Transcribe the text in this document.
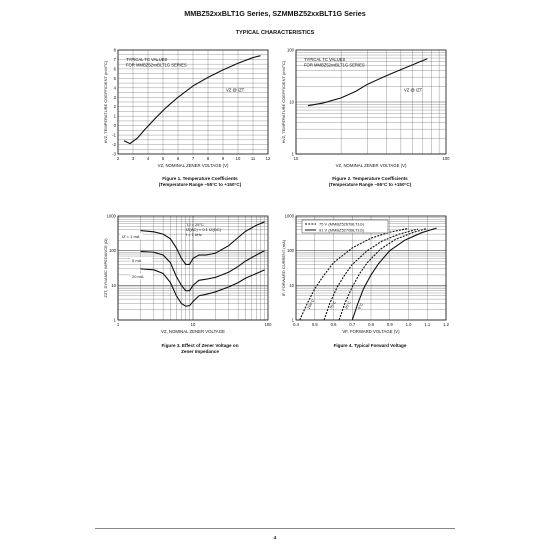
MMBZ52xxBLT1G Series, SZMMBZ52xxBLT1G Series
TYPICAL CHARACTERISTICS
2	3	4	5	6	7	8	9	10 11 12
-3
-2
-1
0
1
2
3
4
5
6
7
8
VZ, NOMINAL ZENER VOLTAGE (V)
θVZ, TEMPERATURE COEFFICIENT (mV/°C)
TYPICAL TC VALUES
FOR MMBZ52xxBLT1G SERIES
VZ @ IZT
10	100
1
10
100
VZ, NOMINAL ZENER VOLTAGE (V)
θVZ, TEMPERATURE COEFFICIENT (mV/°C)
TYPICAL TC VALUES
FOR MMBZ52xxBLT1G SERIES
VZ @ IZT
1	10	100
1
10
100
1000
VZ, NOMINAL ZENER VOLTAGE
ZZT, DYNAMIC IMPEDANCE (Ω)
TJ = 25°C
IZ(AC) = 0.1 IZ(DC)
f = 1 kHz
IZ = 1 mA
5 mA
20 mA
0.4	0.5	0.6	0.7	0.8	0.9	1.0	1.1	1.2
1
10
100
1000
VF, FORWARD VOLTAGE (V)
IF, FORWARD CURRENT (mA)
75 V (MMBZ5267BLT1G)
91 V (MMBZ5270BLT1G)
150°C	75°C 25°C 0°C
Figure 1. Temperature Coefficients
(Temperature Range −55°C to +150°C)
Figure 2. Temperature Coefficients
(Temperature Range −55°C to +150°C)
Figure 3. Effect of Zener Voltage on
Zener Impedance
Figure 4. Typical Forward Voltage
4
